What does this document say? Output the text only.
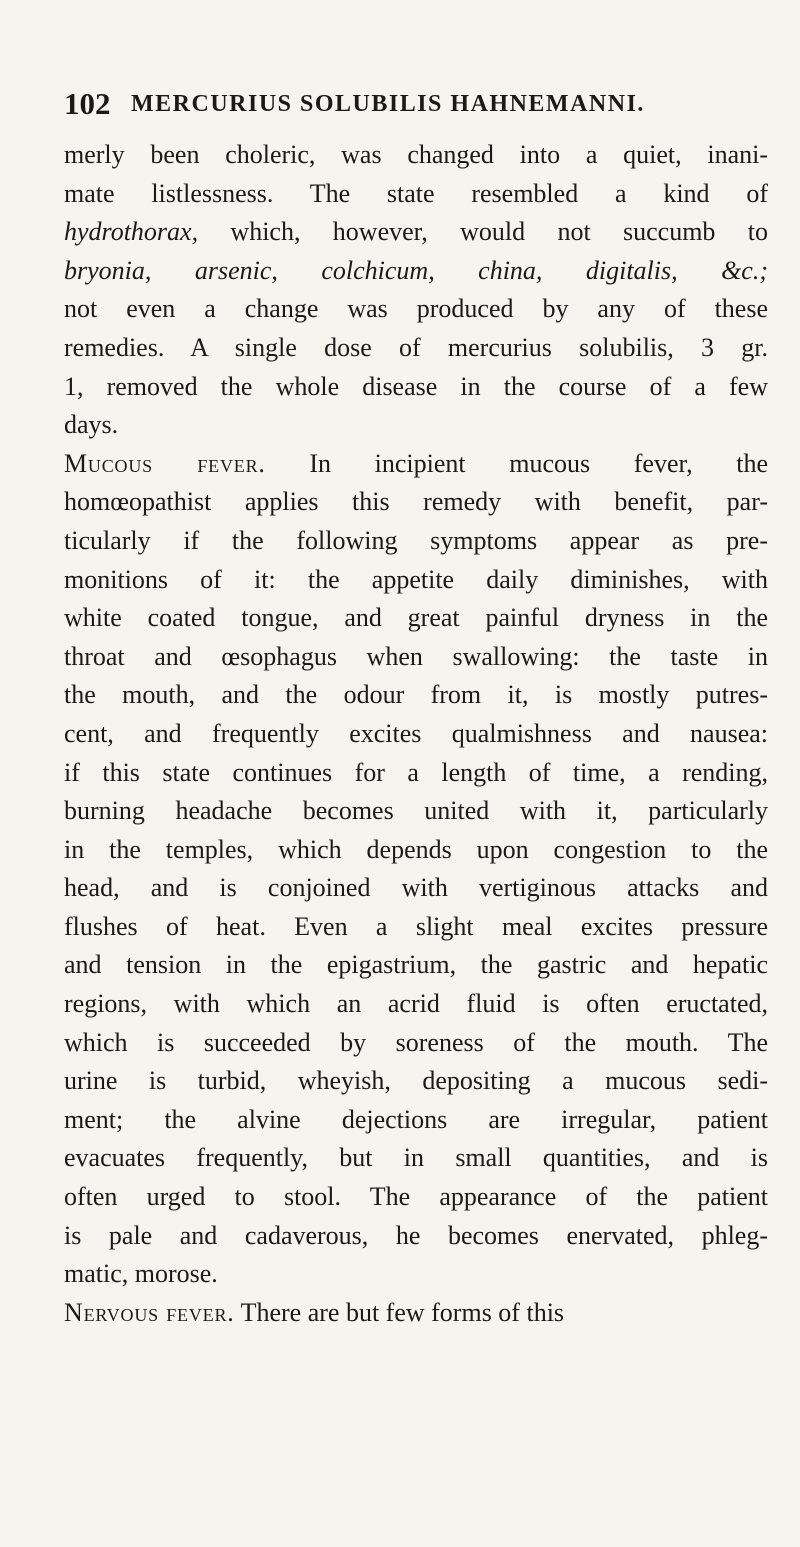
102 MERCURIUS SOLUBILIS HAHNEMANNI.
merly been choleric, was changed into a quiet, inani-
mate listlessness. The state resembled a kind of
hydrothorax, which, however, would not succumb to
bryonia, arsenic, colchicum, china, digitalis, &c.;
not even a change was produced by any of these
remedies. A single dose of mercurius solubilis, 3 gr.
1, removed the whole disease in the course of a few
days.
Mucous fever. In incipient mucous fever, the
homœopathist applies this remedy with benefit, par-
ticularly if the following symptoms appear as pre-
monitions of it: the appetite daily diminishes, with
white coated tongue, and great painful dryness in the
throat and œsophagus when swallowing: the taste in
the mouth, and the odour from it, is mostly putres-
cent, and frequently excites qualmishness and nausea:
if this state continues for a length of time, a rending,
burning headache becomes united with it, particularly
in the temples, which depends upon congestion to the
head, and is conjoined with vertiginous attacks and
flushes of heat. Even a slight meal excites pressure
and tension in the epigastrium, the gastric and hepatic
regions, with which an acrid fluid is often eructated,
which is succeeded by soreness of the mouth. The
urine is turbid, wheyish, depositing a mucous sedi-
ment; the alvine dejections are irregular, patient
evacuates frequently, but in small quantities, and is
often urged to stool. The appearance of the patient
is pale and cadaverous, he becomes enervated, phleg-
matic, morose.
Nervous fever. There are but few forms of this
